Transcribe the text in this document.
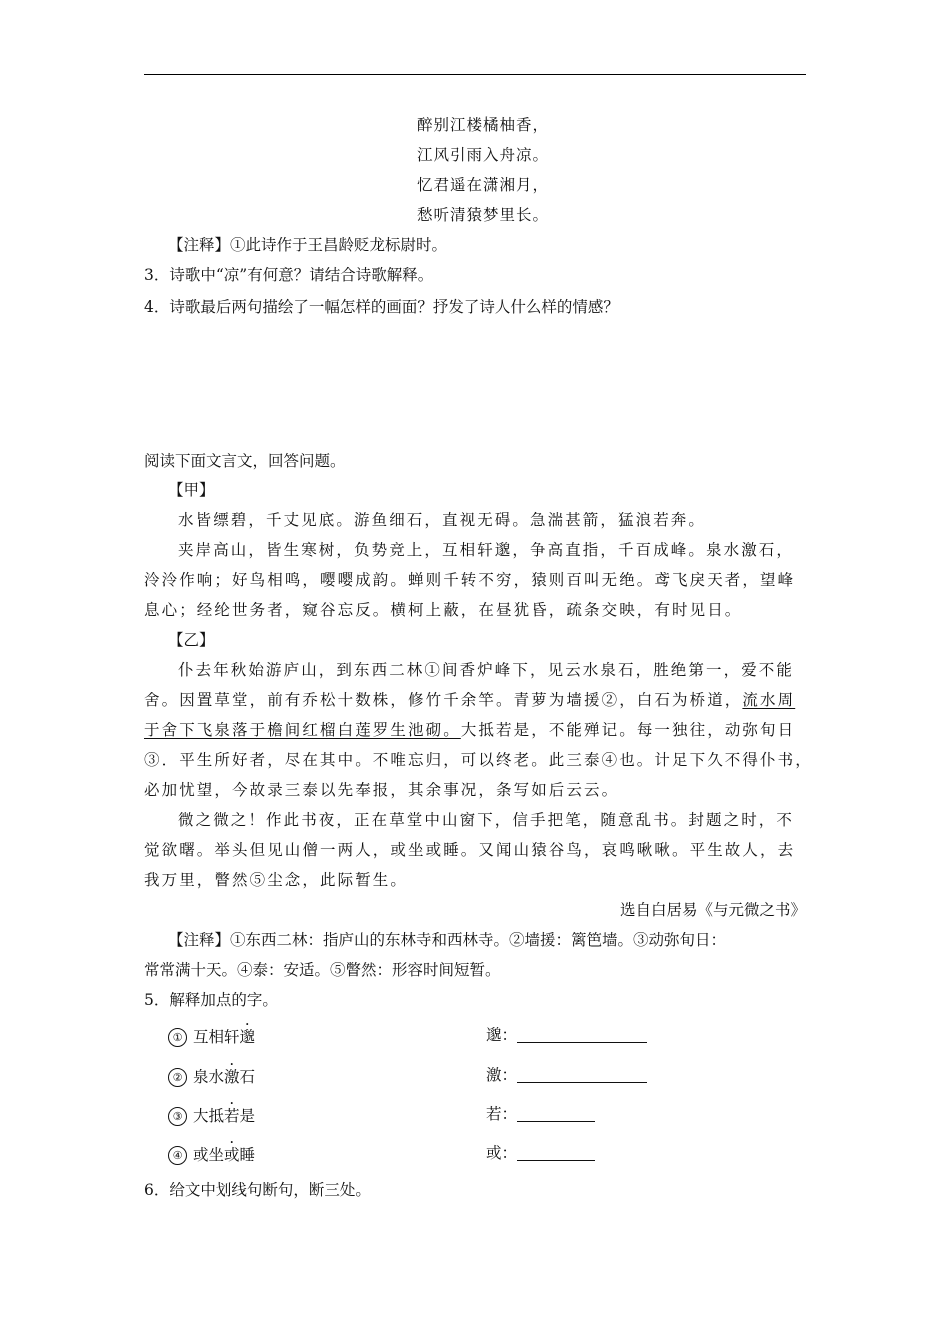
醉别江楼橘柚香，
江风引雨入舟凉。
忆君遥在潇湘月，
愁听清猿梦里长。
【注释】①此诗作于王昌龄贬龙标尉时。
3．诗歌中“凉”有何意？请结合诗歌解释。
4．诗歌最后两句描绘了一幅怎样的画面？抒发了诗人什么样的情感？
阅读下面文言文，回答问题。
【甲】
水皆缥碧，千丈见底。游鱼细石，直视无碍。急湍甚箭，猛浪若奔。
夹岸高山，皆生寒树，负势竞上，互相轩邈，争高直指，千百成峰。泉水激石，
泠泠作响；好鸟相鸣，嘤嘤成韵。蝉则千转不穷，猿则百叫无绝。鸢飞戾天者，望峰
息心；经纶世务者，窥谷忘反。横柯上蔽，在昼犹昏，疏条交映，有时见日。
【乙】
仆去年秋始游庐山，到东西二林①间香炉峰下，见云水泉石，胜绝第一，爱不能
舍。因置草堂，前有乔松十数株，修竹千余竿。青萝为墙援②，白石为桥道，流水周
于舍下飞泉落于檐间红榴白莲罗生池砌。大抵若是，不能殚记。每一独往，动弥旬日
③．平生所好者，尽在其中。不唯忘归，可以终老。此三泰④也。计足下久不得仆书，
必加忧望，今故录三泰以先奉报，其余事况，条写如后云云。
微之微之！作此书夜，正在草堂中山窗下，信手把笔，随意乱书。封题之时，不
觉欲曙。举头但见山僧一两人，或坐或睡。又闻山猿谷鸟，哀鸣啾啾。平生故人，去
我万里，瞥然⑤尘念，此际暂生。
选自白居易《与元微之书》
【注释】①东西二林：指庐山的东林寺和西林寺。②墙援：篱笆墙。③动弥旬日：
常常满十天。④泰：安适。⑤瞥然：形容时间短暂。
5．解释加点的字。
① 互相轩邈	邈：
② 泉水激石	激：
③ 大抵若是	若：
④ 或坐或睡	或：
6．给文中划线句断句，断三处。
